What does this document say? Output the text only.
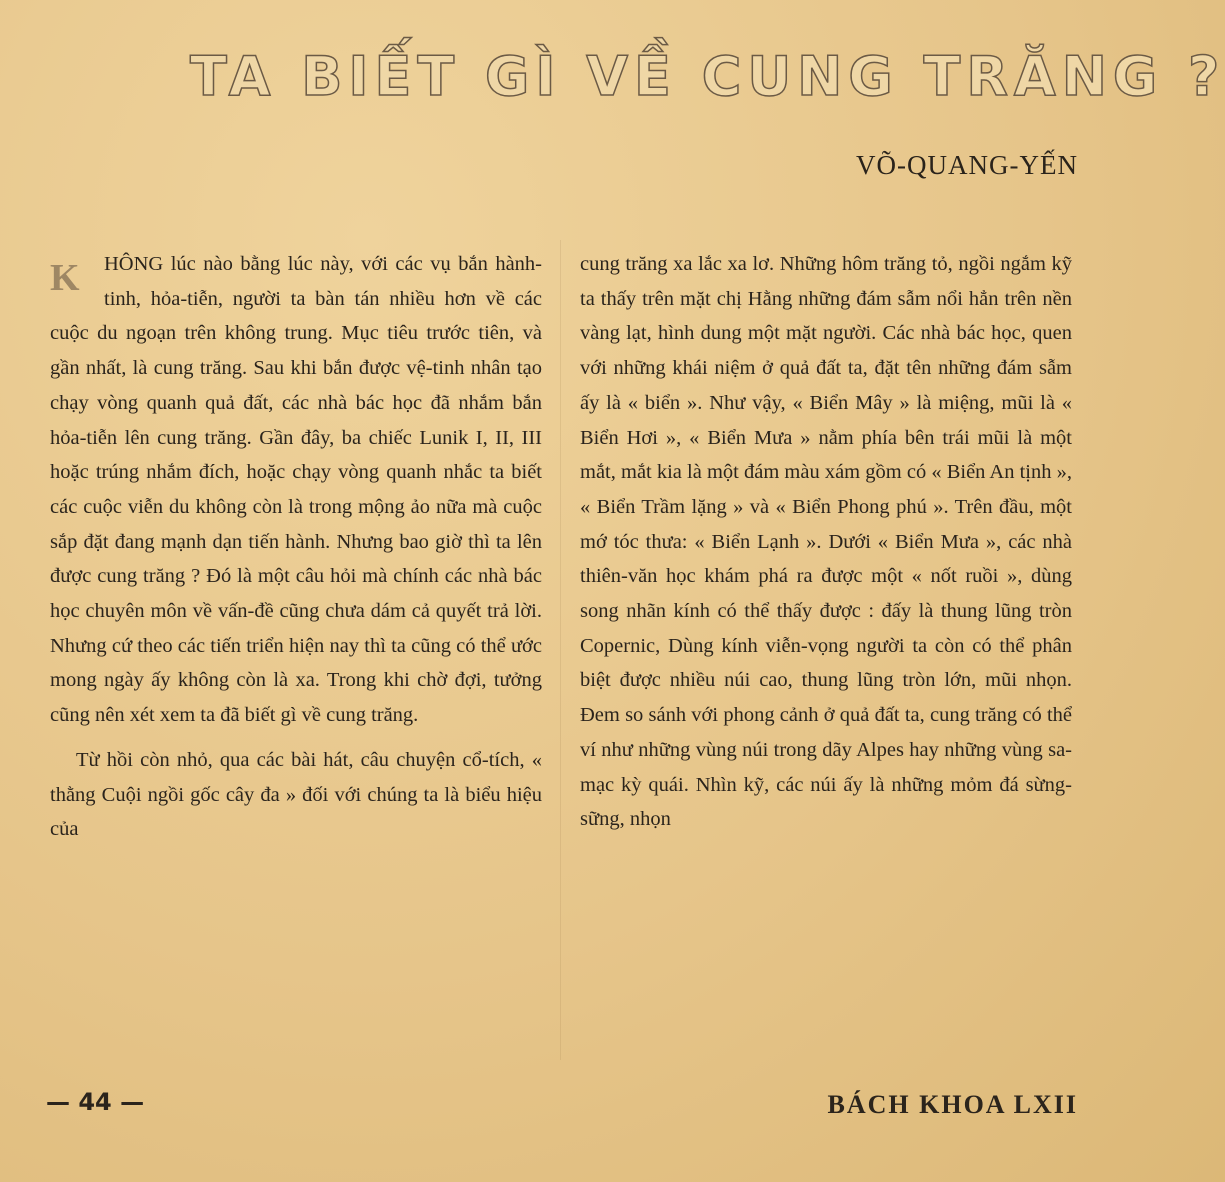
TA BIẾT GÌ VỀ CUNG TRĂNG ?
VÕ-QUANG-YẾN

K	HÔNG lúc nào bằng lúc này, với các vụ bắn hành-tinh, hỏa-tiễn, người ta bàn tán nhiều hơn về các cuộc du ngoạn trên không trung. Mục tiêu trước tiên, và gần nhất, là cung trăng. Sau khi bắn được vệ-tinh nhân tạo chạy vòng quanh quả đất, các nhà bác học đã nhắm bắn hỏa-tiễn lên cung trăng. Gần đây, ba chiếc Lunik I, II, III hoặc trúng nhắm đích, hoặc chạy vòng quanh nhắc ta biết các cuộc viễn du không còn là trong mộng ảo nữa mà cuộc sắp đặt đang mạnh dạn tiến hành. Nhưng bao giờ thì ta lên được cung trăng ? Đó là một câu hỏi mà chính các nhà bác học chuyên môn về vấn-đề cũng chưa dám cả quyết trả lời. Nhưng cứ theo các tiến triển hiện nay thì ta cũng có thể ước mong ngày ấy không còn là xa. Trong khi chờ đợi, tưởng cũng nên xét xem ta đã biết gì về cung trăng.

Từ hồi còn nhỏ, qua các bài hát, câu chuyện cổ-tích, « thằng Cuội ngồi gốc cây đa » đối với chúng ta là biểu hiệu của

cung trăng xa lắc xa lơ. Những hôm trăng tỏ, ngồi ngắm kỹ ta thấy trên mặt chị Hằng những đám sẫm nổi hẳn trên nền vàng lạt, hình dung một mặt người. Các nhà bác học, quen với những khái niệm ở quả đất ta, đặt tên những đám sẫm ấy là « biển ». Như vậy, « Biển Mây » là miệng, mũi là « Biển Hơi », « Biển Mưa » nằm phía bên trái mũi là một mắt, mắt kia là một đám màu xám gồm có « Biển An tịnh », « Biển Trầm lặng » và « Biển Phong phú ». Trên đầu, một mớ tóc thưa: « Biển Lạnh ». Dưới « Biển Mưa », các nhà thiên-văn học khám phá ra được một « nốt ruồi », dùng song nhãn kính có thể thấy được : đấy là thung lũng tròn Copernic, Dùng kính viễn-vọng người ta còn có thể phân biệt được nhiều núi cao, thung lũng tròn lớn, mũi nhọn. Đem so sánh với phong cảnh ở quả đất ta, cung trăng có thể ví như những vùng núi trong dãy Alpes hay những vùng sa-mạc kỳ quái. Nhìn kỹ, các núi ấy là những mỏm đá sừng-sững, nhọn

— 44 —	BÁCH KHOA LXII
